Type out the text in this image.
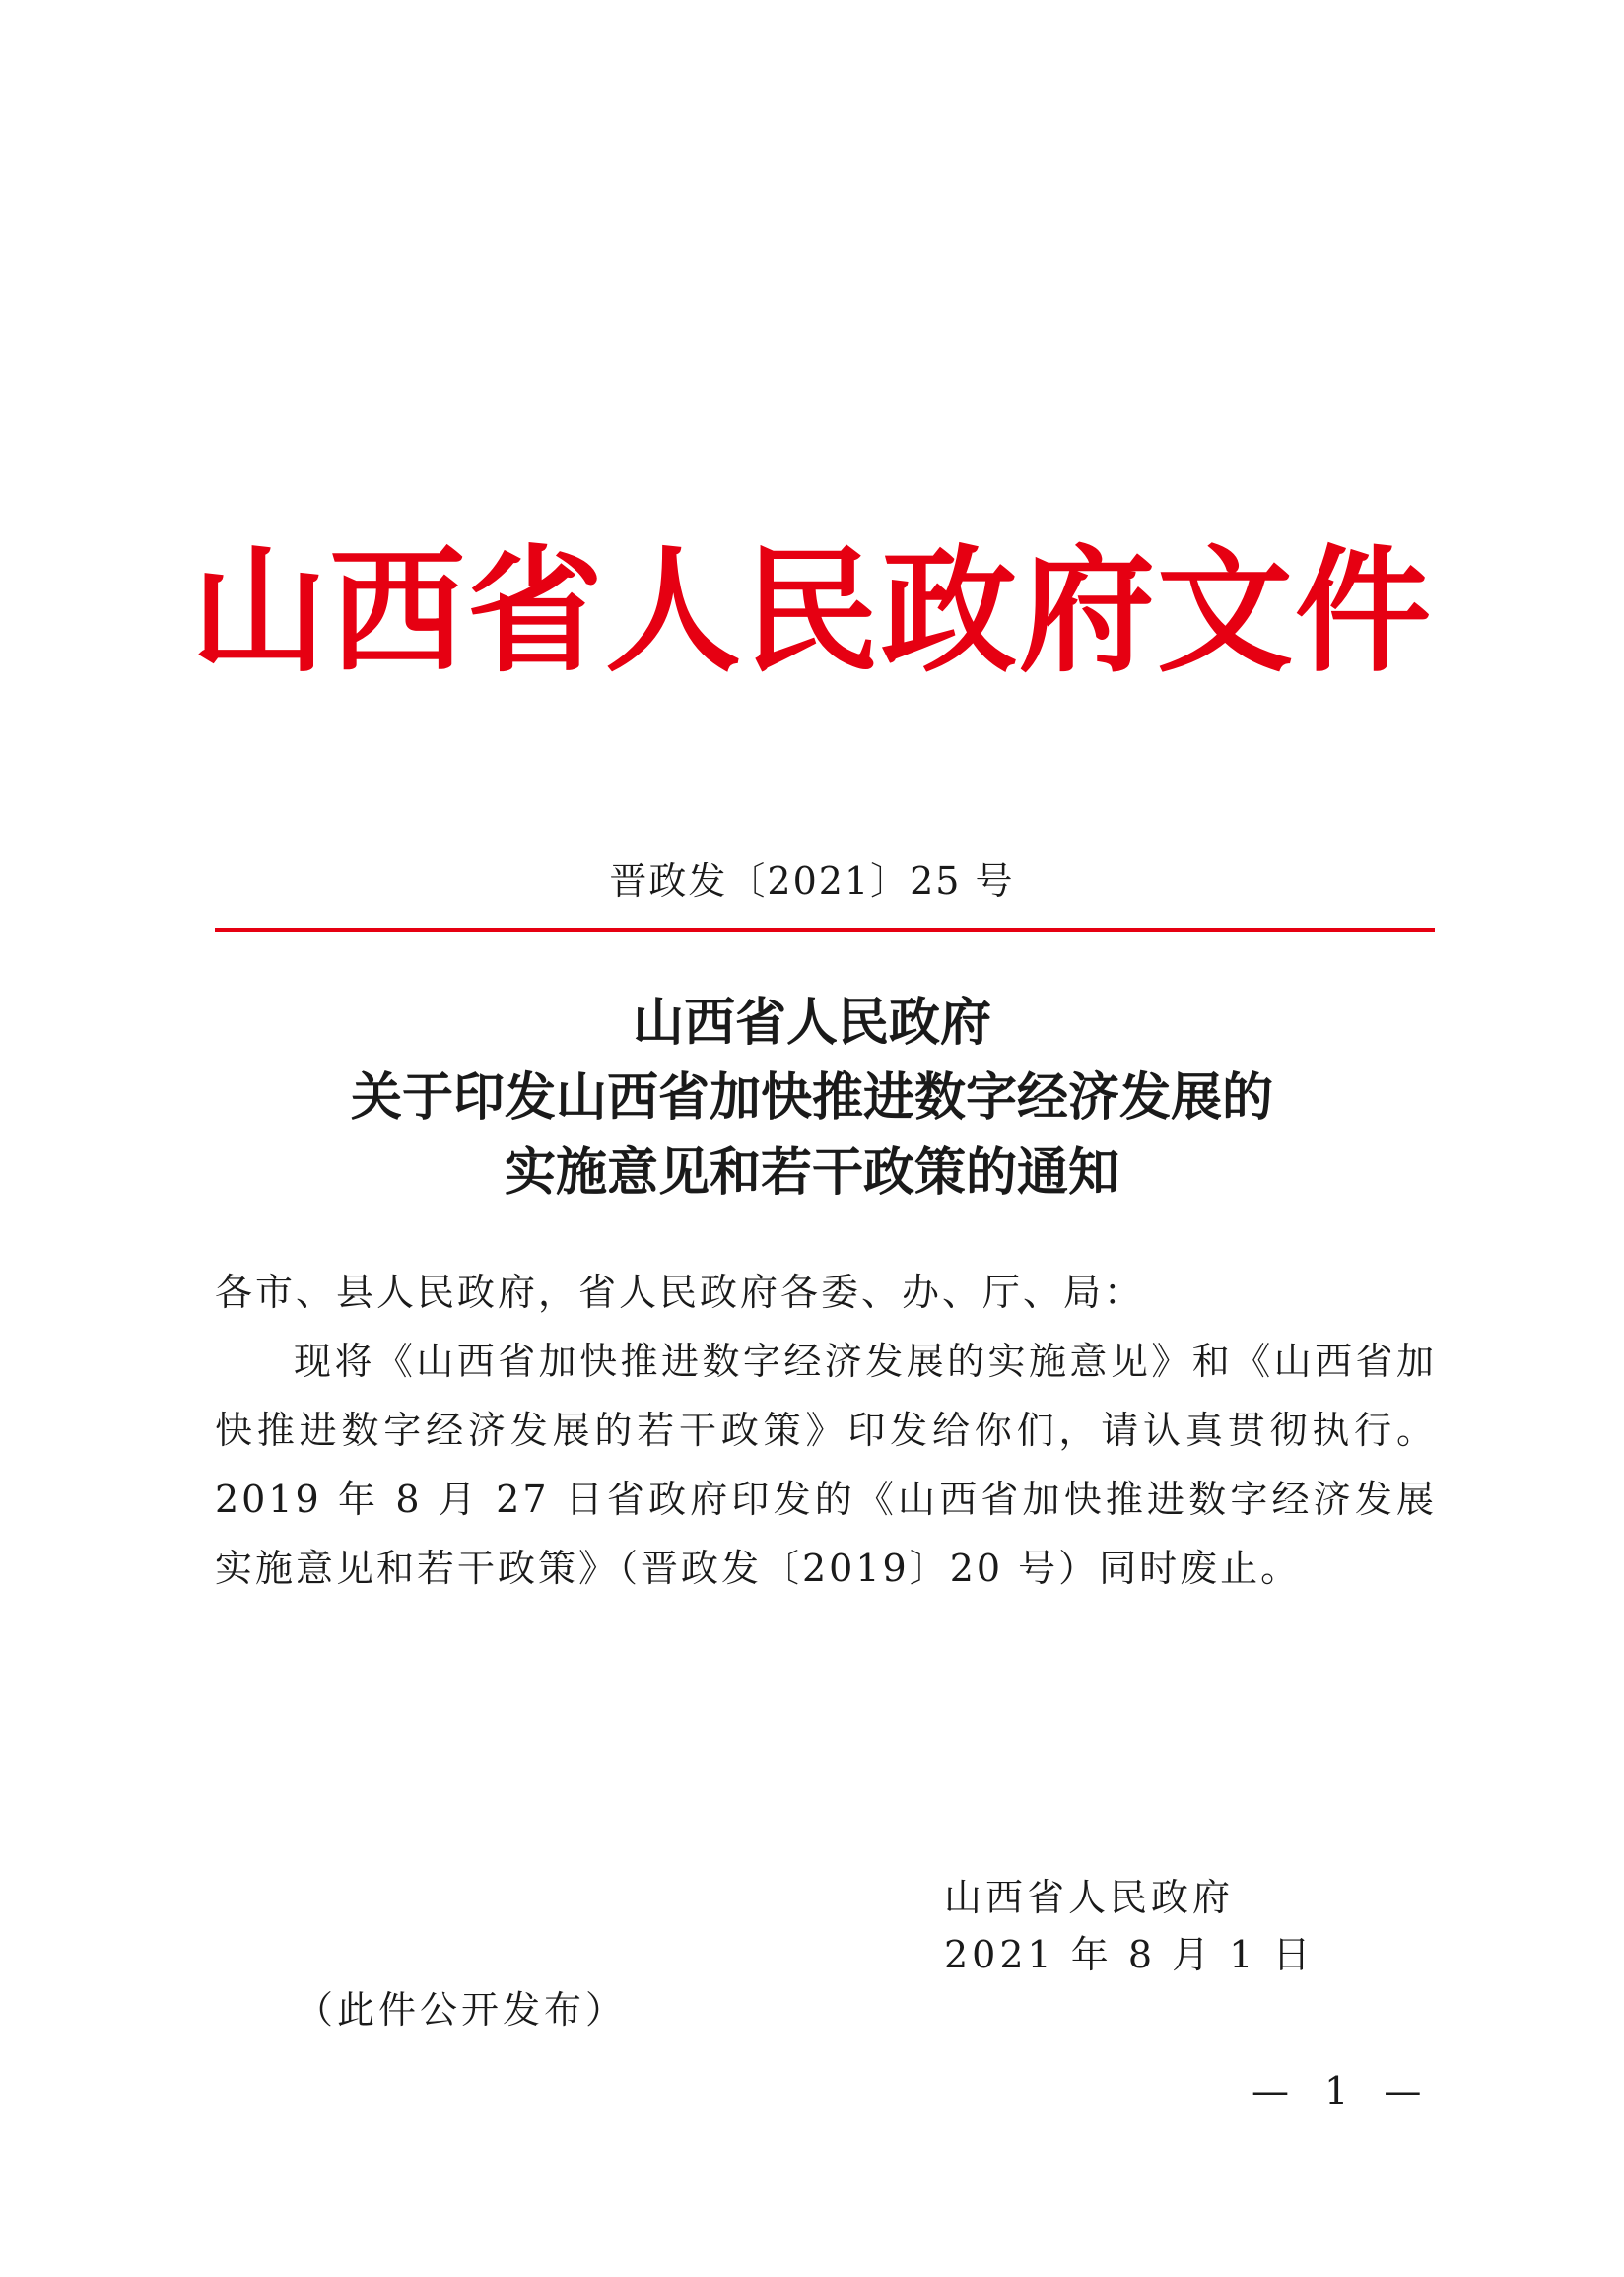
山西省人民政府文件
晋政发〔2021〕25 号
山西省人民政府
关于印发山西省加快推进数字经济发展的
实施意见和若干政策的通知
各市、县人民政府，省人民政府各委、办、厅、局：
现将《山西省加快推进数字经济发展的实施意见》和《山西省加快推进数字经济发展的若干政策》印发给你们，请认真贯彻执行。2019 年 8 月 27 日省政府印发的《山西省加快推进数字经济发展实施意见和若干政策》（晋政发〔2019〕20 号）同时废止。
山西省人民政府
2021 年 8 月 1 日
（此件公开发布）
— 1 —
